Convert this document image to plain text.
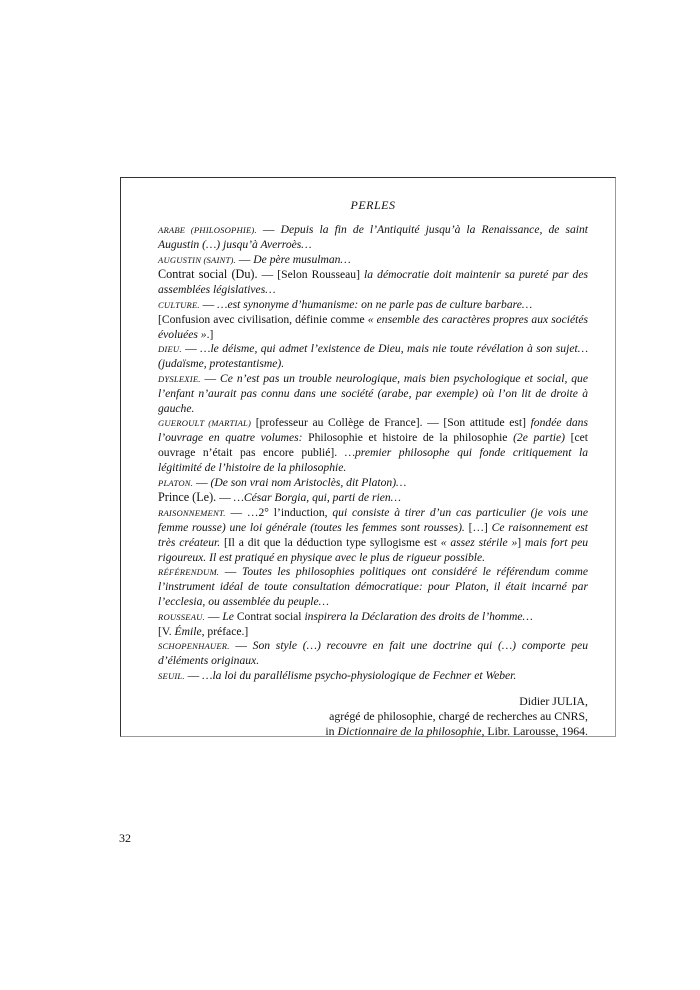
PERLES

ARABE (PHILOSOPHIE). — Depuis la fin de l’Antiquité jusqu’à la Renaissance, de saint Augustin (…) jusqu’à Averroès…

AUGUSTIN (SAINT). — De père musulman…

Contrat social (Du). — [Selon Rousseau] la démocratie doit maintenir sa pureté par des assemblées législatives…

CULTURE. — …est synonyme d’humanisme: on ne parle pas de culture barbare…

[Confusion avec civilisation, définie comme « ensemble des caractères propres aux sociétés évoluées ».]

DIEU. — …le déisme, qui admet l’existence de Dieu, mais nie toute révélation à son sujet… (judaïsme, protestantisme).

DYSLEXIE. — Ce n’est pas un trouble neurologique, mais bien psychologique et social, que l’enfant n’aurait pas connu dans une société (arabe, par exemple) où l’on lit de droite à gauche.

GUEROULT (MARTIAL) [professeur au Collège de France]. — [Son attitude est] fondée dans l’ouvrage en quatre volumes: Philosophie et histoire de la philosophie (2e partie) [cet ouvrage n’était pas encore publié]. …premier philosophe qui fonde critiquement la légitimité de l’histoire de la philosophie.

PLATON. — (De son vrai nom Aristoclès, dit Platon)…

Prince (Le). — …César Borgia, qui, parti de rien…

RAISONNEMENT. — …2° l’induction, qui consiste à tirer d’un cas particulier (je vois une femme rousse) une loi générale (toutes les femmes sont rousses). […] Ce raisonnement est très créateur. [Il a dit que la déduction type syllogisme est « assez stérile »] mais fort peu rigoureux. Il est pratiqué en physique avec le plus de rigueur possible.

RÉFÉRENDUM. — Toutes les philosophies politiques ont considéré le référendum comme l’instrument idéal de toute consultation démocratique: pour Platon, il était incarné par l’ecclesia, ou assemblée du peuple…

ROUSSEAU. — Le Contrat social inspirera la Déclaration des droits de l’homme…

[V. Émile, préface.]

SCHOPENHAUER. — Son style (…) recouvre en fait une doctrine qui (…) comporte peu d’éléments originaux.

SEUIL. — …la loi du parallélisme psycho-physiologique de Fechner et Weber.

Didier JULIA,
agrégé de philosophie, chargé de recherches au CNRS,
in Dictionnaire de la philosophie, Libr. Larousse, 1964.
32
